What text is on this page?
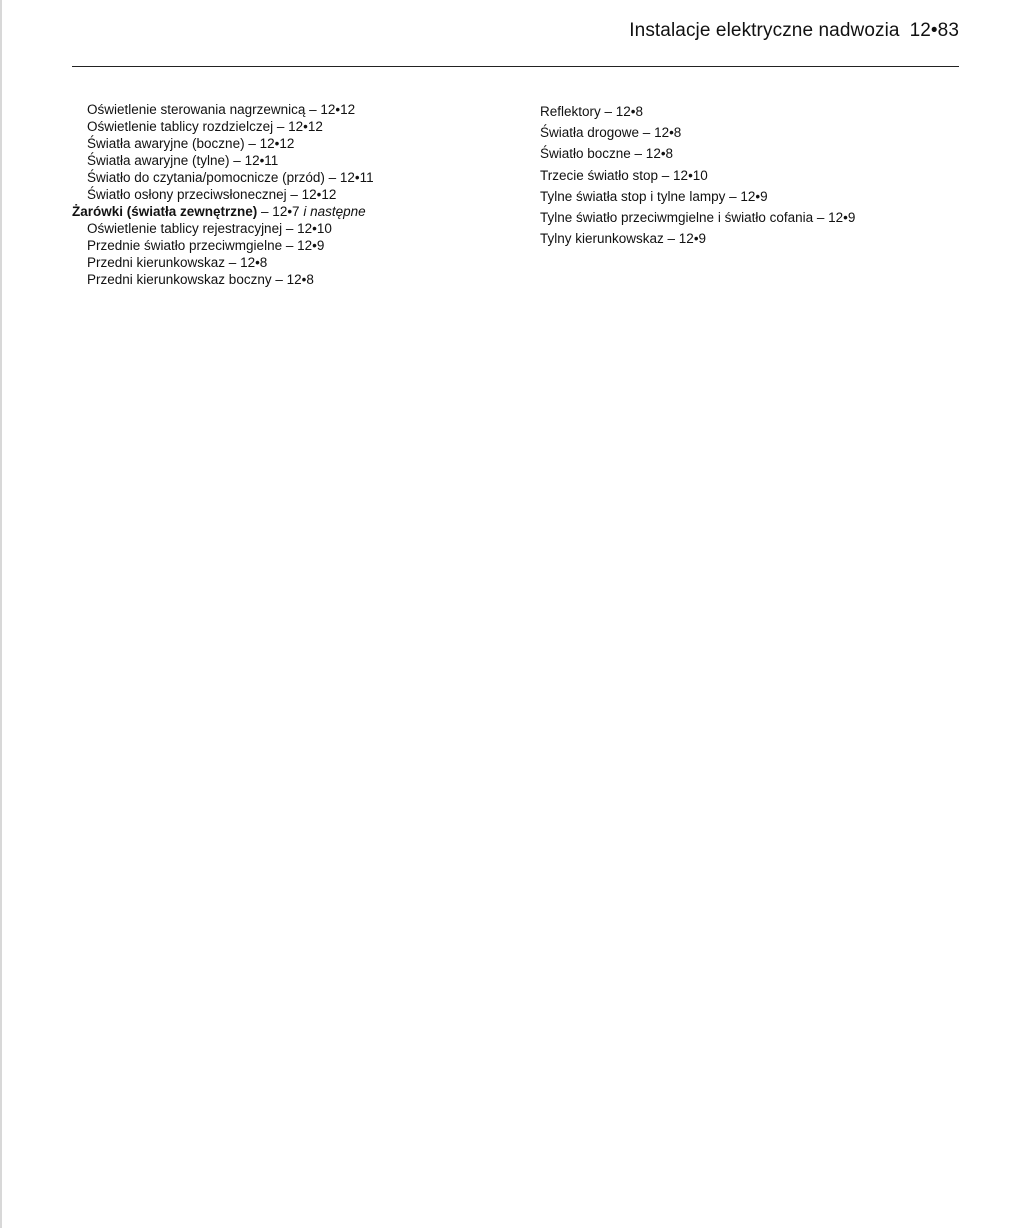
Instalacje elektryczne nadwozia 12•83
Oświetlenie sterowania nagrzewnicą – 12•12
Oświetlenie tablicy rozdzielczej – 12•12
Światła awaryjne (boczne) – 12•12
Światła awaryjne (tylne) – 12•11
Światło do czytania/pomocnicze (przód) – 12•11
Światło osłony przeciwsłonecznej – 12•12
Żarówki (światła zewnętrzne) – 12•7 i następne
Oświetlenie tablicy rejestracyjnej – 12•10
Przednie światło przeciwmgielne – 12•9
Przedni kierunkowskaz – 12•8
Przedni kierunkowskaz boczny – 12•8
Reflektory – 12•8
Światła drogowe – 12•8
Światło boczne – 12•8
Trzecie światło stop – 12•10
Tylne światła stop i tylne lampy – 12•9
Tylne światło przeciwmgielne i światło cofania – 12•9
Tylny kierunkowskaz – 12•9
